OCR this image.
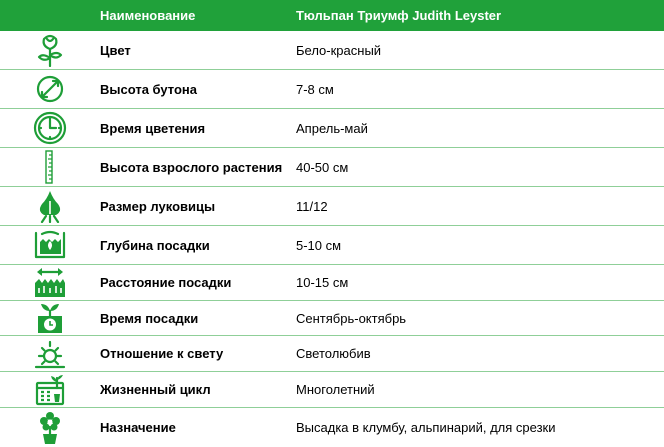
Наименование	Тюльпан Триумф Judith Leyster
Цвет	Бело-красный
Высота бутона	7-8 см
Время цветения	Апрель-май
Высота взрослого растения	40-50 см
Размер луковицы	11/12
Глубина посадки	5-10 см
Расстояние посадки	10-15 см
Время посадки	Сентябрь-октябрь
Отношение к свету	Светолюбив
Жизненный цикл	Многолетний
Назначение	Высадка в клумбу, альпинарий, для срезки
